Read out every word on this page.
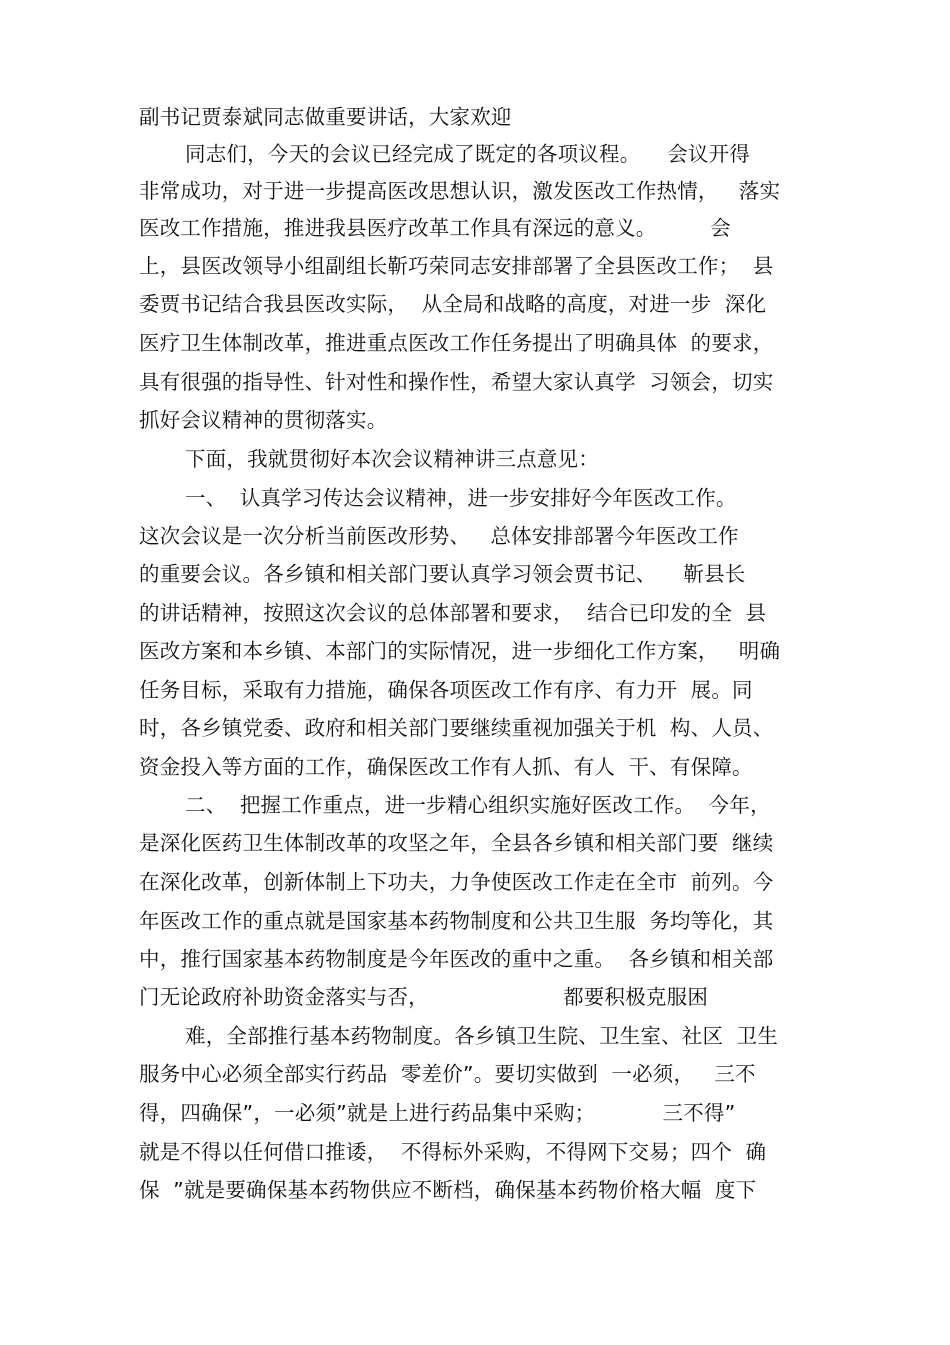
副书记贾泰斌同志做重要讲话，大家欢迎
同志们，今天的会议已经完成了既定的各项议程。    会议开得
非常成功，对于进一步提高医改思想认识，激发医改工作热情，   落实
医改工作措施，推进我县医疗改革工作具有深远的意义。        会
上，县医改领导小组副组长靳巧荣同志安排部署了全县医改工作；  县
委贾书记结合我县医改实际，  从全局和战略的高度，对进一步  深化
医疗卫生体制改革，推进重点医改工作任务提出了明确具体  的要求，
具有很强的指导性、针对性和操作性，希望大家认真学  习领会，切实
抓好会议精神的贯彻落实。
下面，我就贯彻好本次会议精神讲三点意见：
一、  认真学习传达会议精神，进一步安排好今年医改工作。
这次会议是一次分析当前医改形势、   总体安排部署今年医改工作
的重要会议。各乡镇和相关部门要认真学习领会贾书记、    靳县长
的讲话精神，按照这次会议的总体部署和要求，  结合已印发的全  县
医改方案和本乡镇、本部门的实际情况，进一步细化工作方案，   明确
任务目标，采取有力措施，确保各项医改工作有序、有力开  展。同
时，各乡镇党委、政府和相关部门要继续重视加强关于机  构、人员、
资金投入等方面的工作，确保医改工作有人抓、有人  干、有保障。
二、  把握工作重点，进一步精心组织实施好医改工作。  今年，
是深化医药卫生体制改革的攻坚之年，全县各乡镇和相关部门要  继续
在深化改革，创新体制上下功夫，力争使医改工作走在全市  前列。今
年医改工作的重点就是国家基本药物制度和公共卫生服  务均等化，其
中，推行国家基本药物制度是今年医改的重中之重。  各乡镇和相关部
门无论政府补助资金落实与否，                    都要积极克服困
难，全部推行基本药物制度。各乡镇卫生院、卫生室、社区  卫生
服务中心必须全部实行药品  零差价”。要切实做到  一必须，   三不
得，四确保”，一必须”就是上进行药品集中采购；          三不得”
就是不得以任何借口推诿，  不得标外采购，不得网下交易；四个  确
保  ”就是要确保基本药物供应不断档，确保基本药物价格大幅  度下
